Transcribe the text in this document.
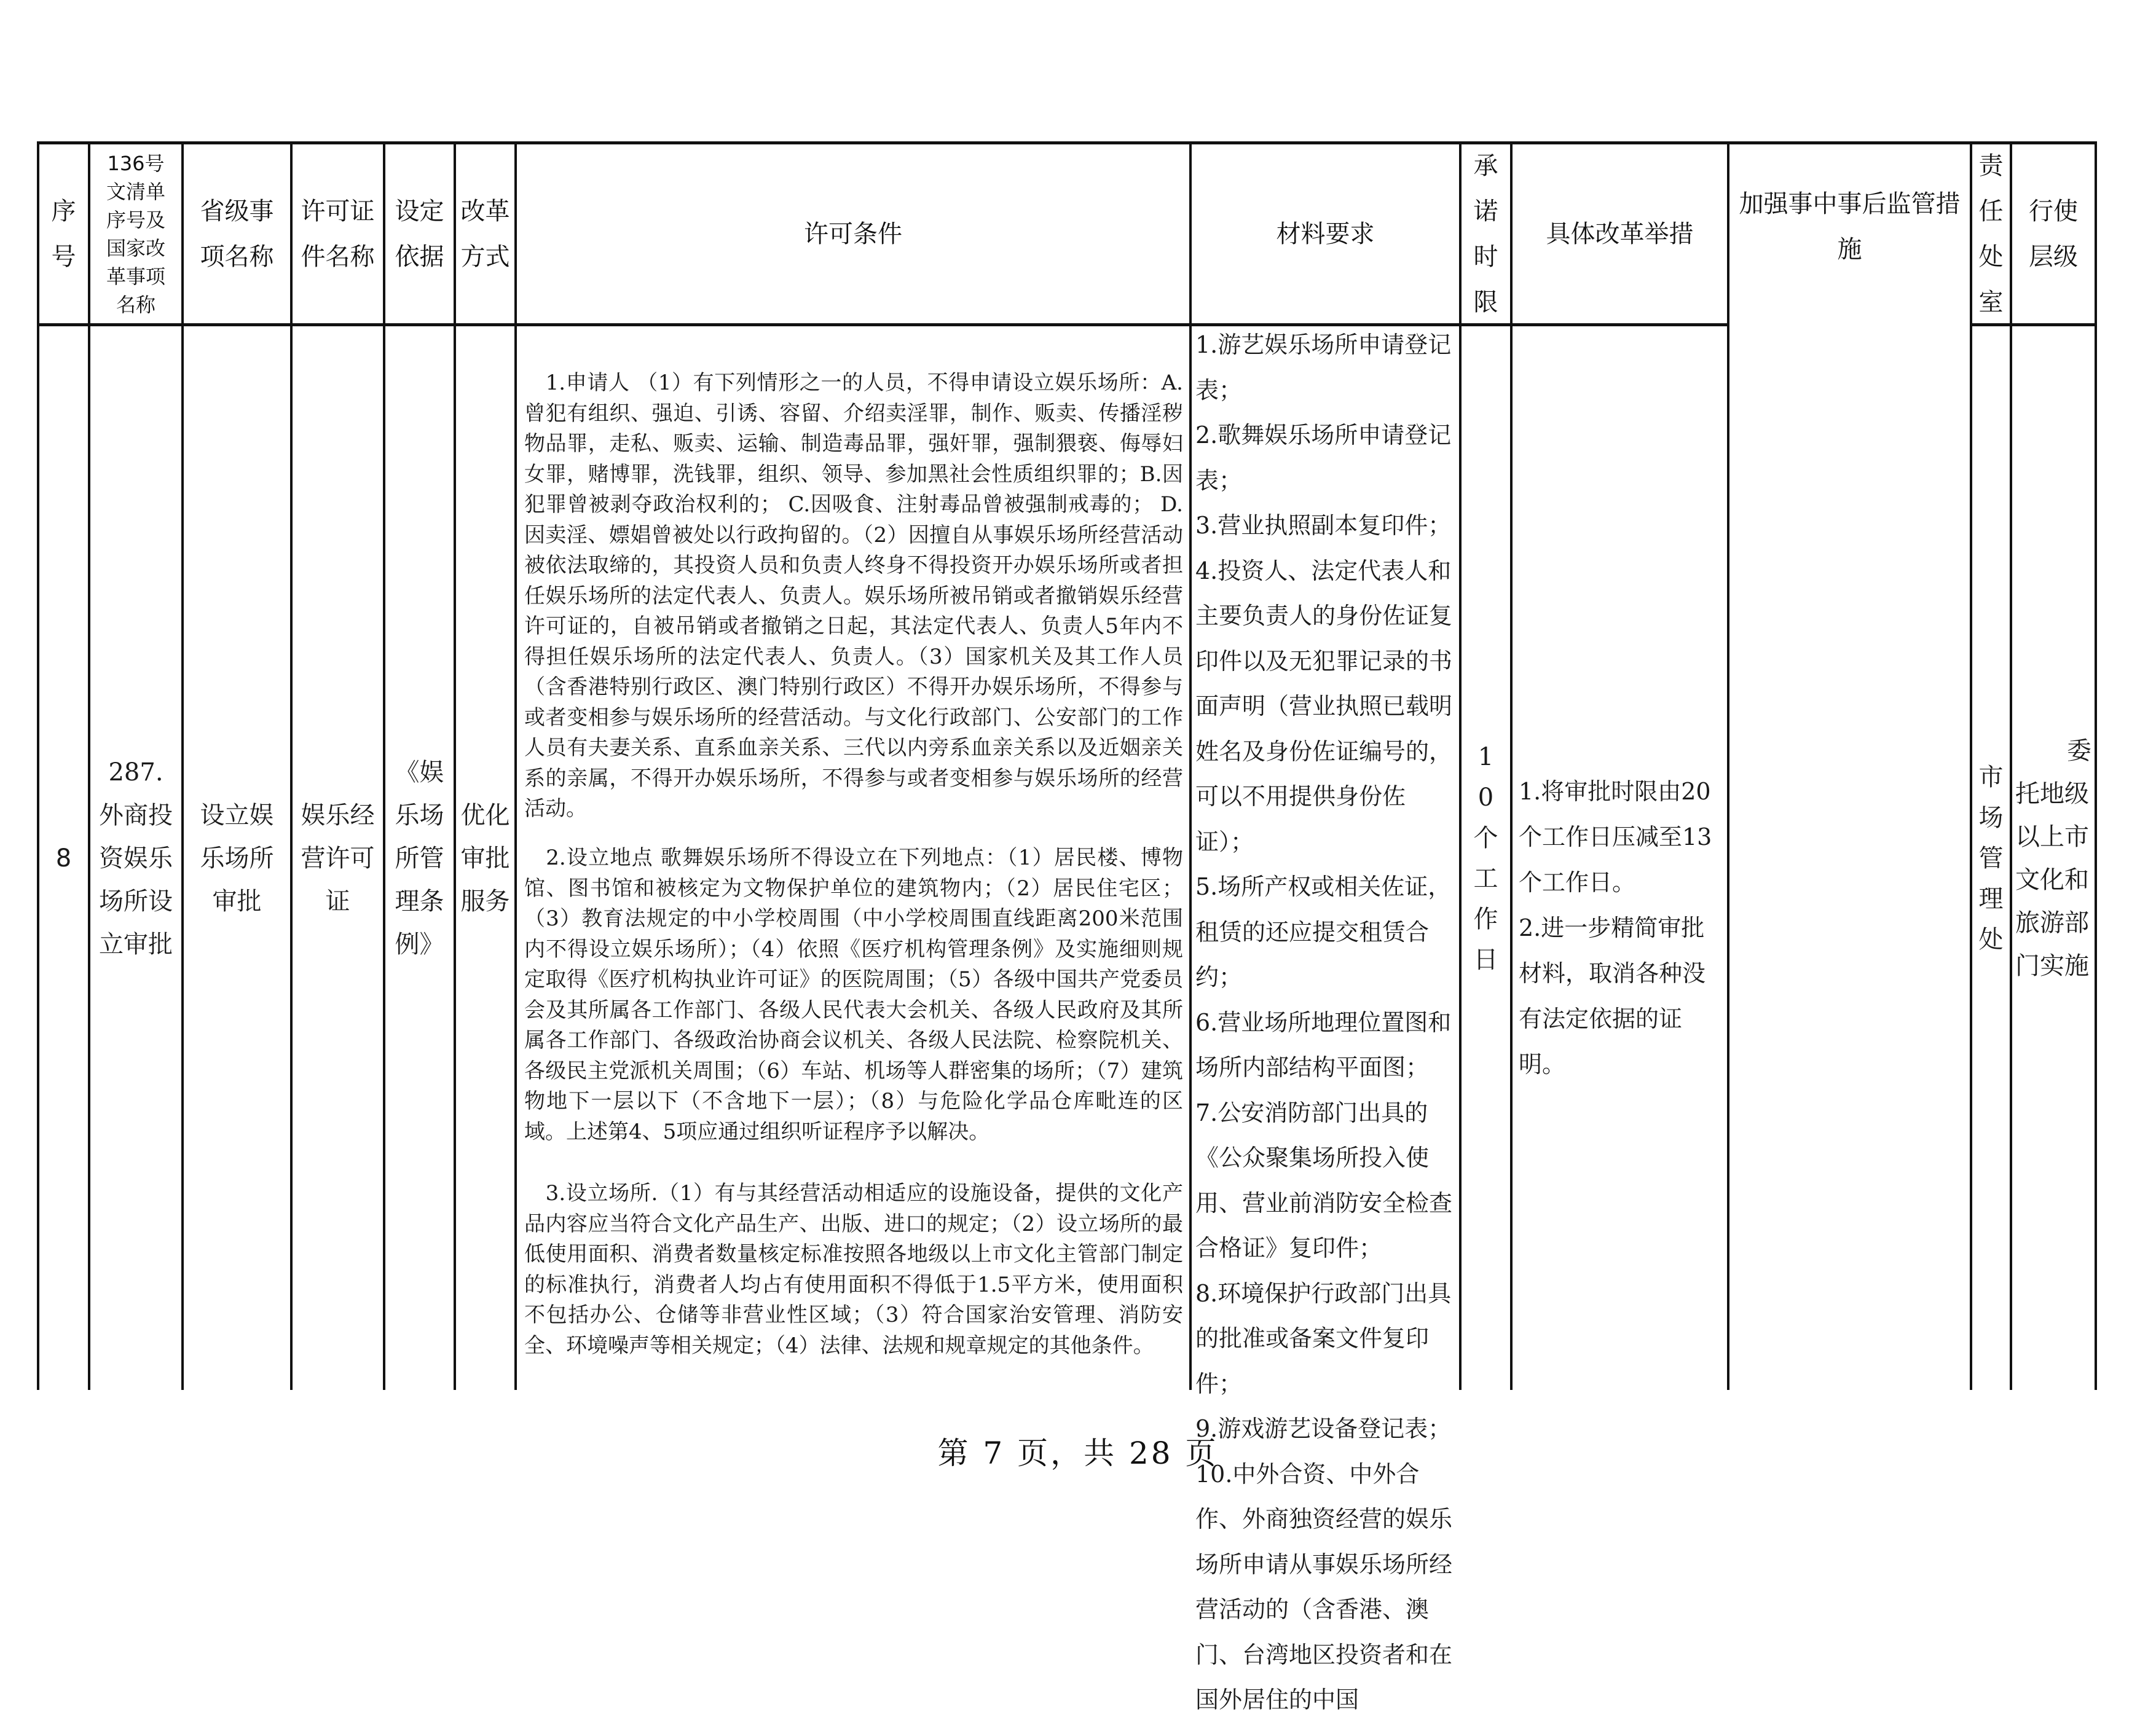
序号
136号文清单序号及国家改革事项名称
省级事项名称
许可证件名称
设定依据
改革方式
许可条件	材料要求
承诺时限
具体改革举措
加强事中事后监管措施
责任处室
行使层级
8
287.外商投资娱乐场所设立审批
设立娱乐场所审批
娱乐经营许可证
《娱乐场所管理条例》
优化审批服务
　1.申请人 （1）有下列情形之一的人员，不得申请设立娱乐场所：A.曾犯有组织、强迫、引诱、容留、介绍卖淫罪，制作、贩卖、传播淫秽物品罪，走私、贩卖、运输、制造毒品罪，强奸罪，强制猥亵、侮辱妇女罪，赌博罪，洗钱罪，组织、领导、参加黑社会性质组织罪的；B.因犯罪曾被剥夺政治权利的； C.因吸食、注射毒品曾被强制戒毒的； D.因卖淫、嫖娼曾被处以行政拘留的。（2）因擅自从事娱乐场所经营活动被依法取缔的，其投资人员和负责人终身不得投资开办娱乐场所或者担任娱乐场所的法定代表人、负责人。娱乐场所被吊销或者撤销娱乐经营许可证的，自被吊销或者撤销之日起，其法定代表人、负责人5年内不得担任娱乐场所的法定代表人、负责人。（3）国家机关及其工作人员（含香港特别行政区、澳门特别行政区）不得开办娱乐场所，不得参与或者变相参与娱乐场所的经营活动。与文化行政部门、公安部门的工作人员有夫妻关系、直系血亲关系、三代以内旁系血亲关系以及近姻亲关系的亲属，不得开办娱乐场所，不得参与或者变相参与娱乐场所的经营活动。
　2.设立地点 歌舞娱乐场所不得设立在下列地点：（1）居民楼、博物馆、图书馆和被核定为文物保护单位的建筑物内；（2）居民住宅区；（3）教育法规定的中小学校周围（中小学校周围直线距离200米范围内不得设立娱乐场所）；（4）依照《医疗机构管理条例》及实施细则规定取得《医疗机构执业许可证》的医院周围；（5）各级中国共产党委员会及其所属各工作部门、各级人民代表大会机关、各级人民政府及其所属各工作部门、各级政治协商会议机关、各级人民法院、检察院机关、各级民主党派机关周围；（6）车站、机场等人群密集的场所；（7）建筑物地下一层以下（不含地下一层）；（8）与危险化学品仓库毗连的区域。上述第4、5项应通过组织听证程序予以解决。
　3.设立场所.（1）有与其经营活动相适应的设施设备，提供的文化产品内容应当符合文化产品生产、出版、进口的规定；（2）设立场所的最低使用面积、消费者数量核定标准按照各地级以上市文化主管部门制定的标准执行，消费者人均占有使用面积不得低于1.5平方米，使用面积不包括办公、仓储等非营业性区域；（3）符合国家治安管理、消防安全、环境噪声等相关规定；（4）法律、法规和规章规定的其他条件。
1.游艺娱乐场所申请登记表；
2.歌舞娱乐场所申请登记表；
3.营业执照副本复印件；
4.投资人、法定代表人和主要负责人的身份佐证复印件以及无犯罪记录的书面声明（营业执照已载明姓名及身份佐证编号的，可以不用提供身份佐证）；
5.场所产权或相关佐证，租赁的还应提交租赁合约；
6.营业场所地理位置图和场所内部结构平面图；
7.公安消防部门出具的《公众聚集场所投入使用、营业前消防安全检查合格证》复印件；
8.环境保护行政部门出具的批准或备案文件复印件；
9.游戏游艺设备登记表；
10.中外合资、中外合作、外商独资经营的娱乐场所申请从事娱乐场所经营活动的（含香港、澳门、台湾地区投资者和在国外居住的中国
10个工作日
1.将审批时限由20个工作日压减至13个工作日。
2.进一步精简审批材料，取消各种没有法定依据的证明。
市场管理处
委托地级以上市文化和旅游部门实施
第 7 页，共 28 页
